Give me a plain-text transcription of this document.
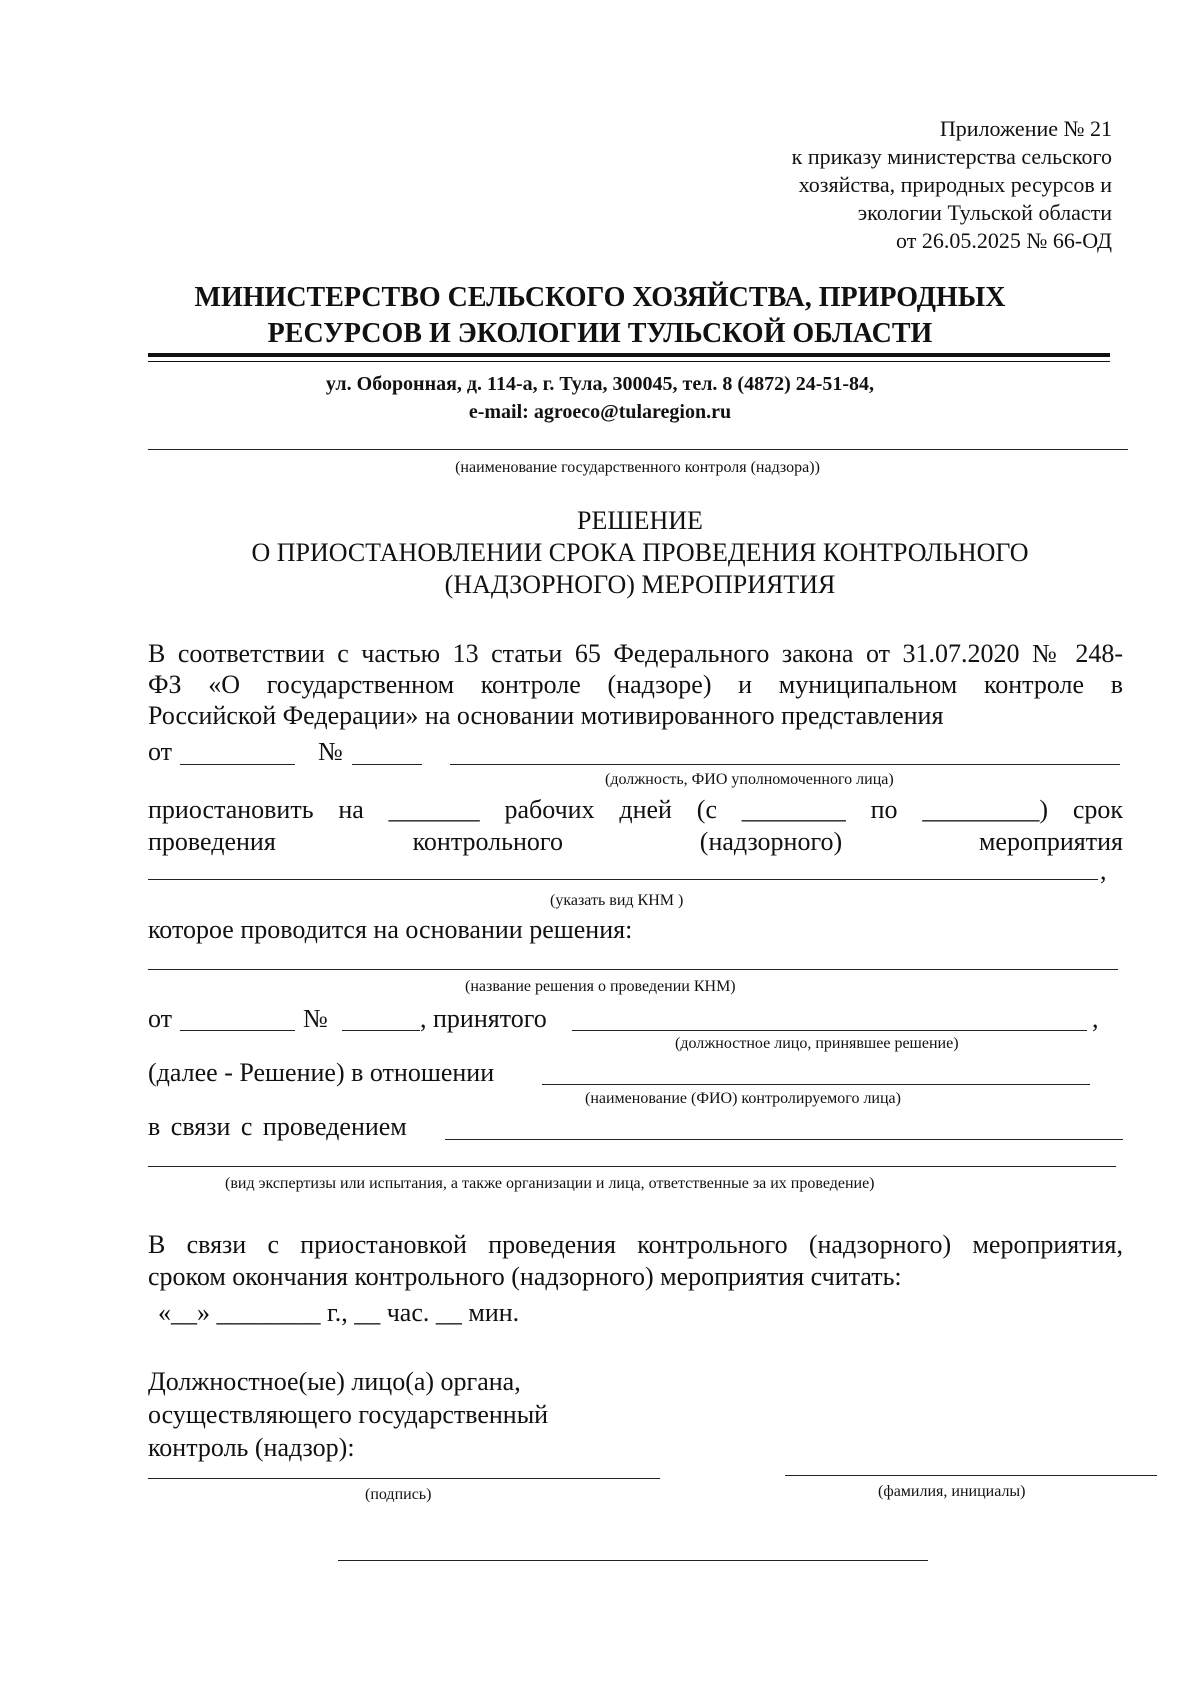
Приложение № 21
к приказу министерства сельского
хозяйства, природных ресурсов и
экологии Тульской области
от 26.05.2025 № 66-ОД
МИНИСТЕРСТВО СЕЛЬСКОГО ХОЗЯЙСТВА, ПРИРОДНЫХ
РЕСУРСОВ И ЭКОЛОГИИ ТУЛЬСКОЙ ОБЛАСТИ
ул. Оборонная, д. 114-а, г. Тула, 300045, тел. 8 (4872) 24-51-84,
e-mail: agroeco@tularegion.ru
(наименование государственного контроля (надзора))
РЕШЕНИЕ
О ПРИОСТАНОВЛЕНИИ СРОКА ПРОВЕДЕНИЯ КОНТРОЛЬНОГО
(НАДЗОРНОГО) МЕРОПРИЯТИЯ
В соответствии с частью 13 статьи 65 Федерального закона от 31.07.2020 № 248-
ФЗ «О государственном контроле (надзоре) и муниципальном контроле в
Российской Федерации» на основании мотивированного представления
от	№
(должность, ФИО уполномоченного лица)
приостановить на _______ рабочих дней (с ________ по _________) срок
проведения контрольного (надзорного) мероприятия
,
(указать вид КНМ )
которое проводится на основании решения:
(название решения о проведении КНМ)
от	№	, принятого	,
(должностное лицо, принявшее решение)
(далее - Решение) в отношении
(наименование (ФИО) контролируемого лица)
в связи с проведением
(вид экспертизы или испытания, а также организации и лица, ответственные за их проведение)
В связи с приостановкой проведения контрольного (надзорного) мероприятия,
сроком окончания контрольного (надзорного) мероприятия считать:
«__» ________ г., __ час. __ мин.
Должностное(ые) лицо(а) органа,
осуществляющего государственный
контроль (надзор):
(подпись)	(фамилия, инициалы)
